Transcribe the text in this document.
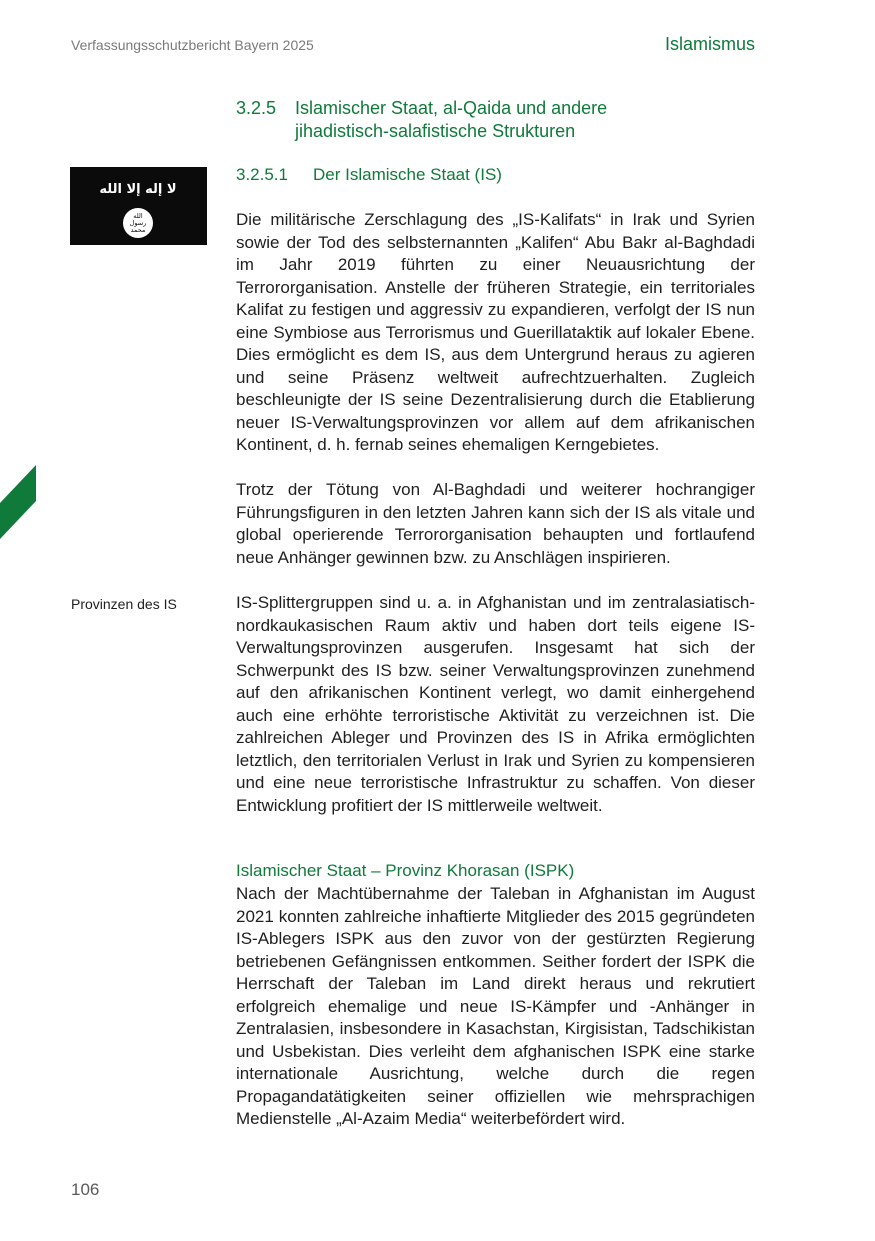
Verfassungsschutzbericht Bayern 2025	Islamismus
3.2.5 Islamischer Staat, al-Qaida und andere jihadistisch-salafistische Strukturen
لا إله إلا الله
الله
رسول
محمد
3.2.5.1 Der Islamische Staat (IS)

Die militärische Zerschlagung des „IS-Kalifats“ in Irak und Syrien sowie der Tod des selbsternannten „Kalifen“ Abu Bakr al-Baghdadi im Jahr 2019 führten zu einer Neuausrichtung der Terrororganisation. Anstelle der früheren Strategie, ein territoriales Kalifat zu festigen und aggressiv zu expandieren, verfolgt der IS nun eine Symbiose aus Terrorismus und Guerillataktik auf lokaler Ebene. Dies ermöglicht es dem IS, aus dem Untergrund heraus zu agieren und seine Präsenz weltweit aufrechtzuerhalten. Zugleich beschleunigte der IS seine Dezentralisierung durch die Etablierung neuer IS-Verwaltungsprovinzen vor allem auf dem afrikanischen Kontinent, d. h. fernab seines ehemaligen Kerngebietes.

Trotz der Tötung von Al-Baghdadi und weiterer hochrangiger Führungsfiguren in den letzten Jahren kann sich der IS als vitale und global operierende Terrororganisation behaupten und fortlaufend neue Anhänger gewinnen bzw. zu Anschlägen inspirieren.

Provinzen des IS	IS-Splittergruppen sind u. a. in Afghanistan und im zentralasiatisch-nordkaukasischen Raum aktiv und haben dort teils eigene IS-Verwaltungsprovinzen ausgerufen. Insgesamt hat sich der Schwerpunkt des IS bzw. seiner Verwaltungsprovinzen zunehmend auf den afrikanischen Kontinent verlegt, wo damit einhergehend auch eine erhöhte terroristische Aktivität zu verzeichnen ist. Die zahlreichen Ableger und Provinzen des IS in Afrika ermöglichten letztlich, den territorialen Verlust in Irak und Syrien zu kompensieren und eine neue terroristische Infrastruktur zu schaffen. Von dieser Entwicklung profitiert der IS mittlerweile weltweit.

Islamischer Staat – Provinz Khorasan (ISPK)

Nach der Machtübernahme der Taleban in Afghanistan im August 2021 konnten zahlreiche inhaftierte Mitglieder des 2015 gegründeten IS-Ablegers ISPK aus den zuvor von der gestürzten Regierung betriebenen Gefängnissen entkommen. Seither fordert der ISPK die Herrschaft der Taleban im Land direkt heraus und rekrutiert erfolgreich ehemalige und neue IS-Kämpfer und -Anhänger in Zentralasien, insbesondere in Kasachstan, Kirgisistan, Tadschikistan und Usbekistan. Dies verleiht dem afghanischen ISPK eine starke internationale Ausrichtung, welche durch die regen Propagandatätigkeiten seiner offiziellen wie mehrsprachigen Medienstelle „Al-Azaim Media“ weiterbefördert wird.

106
